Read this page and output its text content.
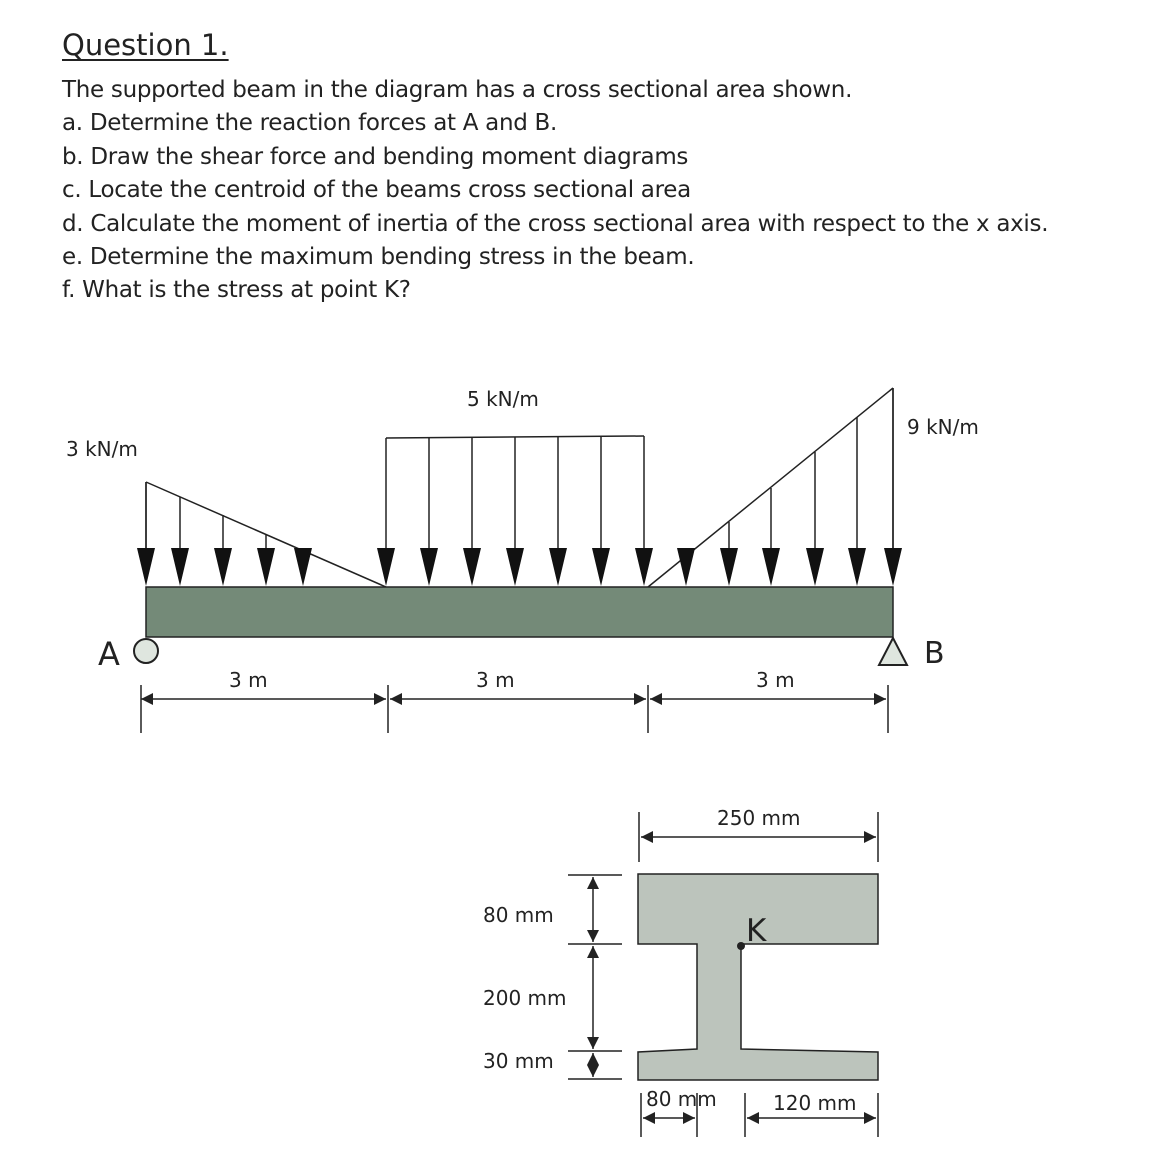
Question 1.

The supported beam in the diagram has a cross sectional area shown.

a. Determine the reaction forces at A and B.

b. Draw the shear force and bending moment diagrams

c. Locate the centroid of the beams cross sectional area

d. Calculate the moment of inertia of the cross sectional area with respect to the x axis.

e. Determine the maximum bending stress in the beam.

f. What is the stress at point K?

3 kN/m
5 kN/m
9 kN/m
A	B
3 m	3 m	3 m
K
250 mm
80 mm
200 mm
30 mm
80 mm	120 mm
